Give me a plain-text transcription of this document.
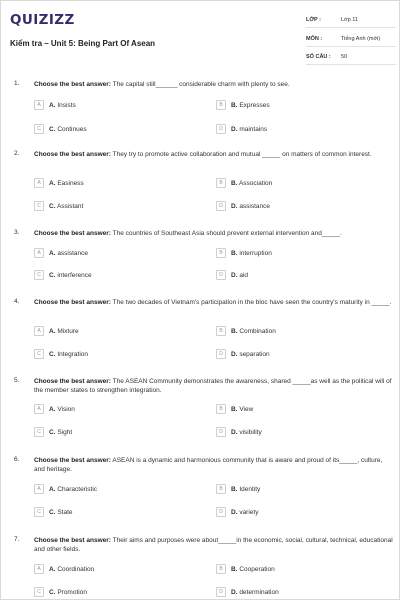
QUIZIZZ
Kiểm tra – Unit 5: Being Part Of Asean
LỚP :	Lớp 11
MÔN :	Tiếng Anh (mới)
SỐ CÂU : 50
1. Choose the best answer: The capital still______ considerable charm with plenty to see.
A	A. Insists	B	B. Expresses
C	C. Continues	D	D. maintains
2. Choose the best answer: They try to promote active collaboration and mutual _____ on matters of common interest.
A	A. Easiness	B	B. Association
C	C. Assistant	D	D. assistance
3. Choose the best answer: The countries of Southeast Asia should prevent external intervention and_____.
A	A. assistance	B	B. interruption
C	C. interference	D	D. aid
4. Choose the best answer: The two decades of Vietnam's participation in the bloc have seen the country's maturity in _____.
A	A. Mixture	B	B. Combination
C	C. Integration	D	D. separation
5. Choose the best answer: The ASEAN Community demonstrates the awareness, shared _____as well as the political will of the member states to strengthen integration.
A	A. Vision	B	B. View
C	C. Sight	D	D. visibility
6. Choose the best answer: ASEAN is a dynamic and harmonious community that is aware and proud of its_____, culture, and heritage.
A	A. Characteristic	B	B. Identity
C	C. State	D	D. variety
7. Choose the best answer: Their aims and purposes were about_____in the economic, social, cultural, technical, educational and other fields.
A	A. Coordination	B	B. Cooperation
C	C. Promotion	D	D. determination
